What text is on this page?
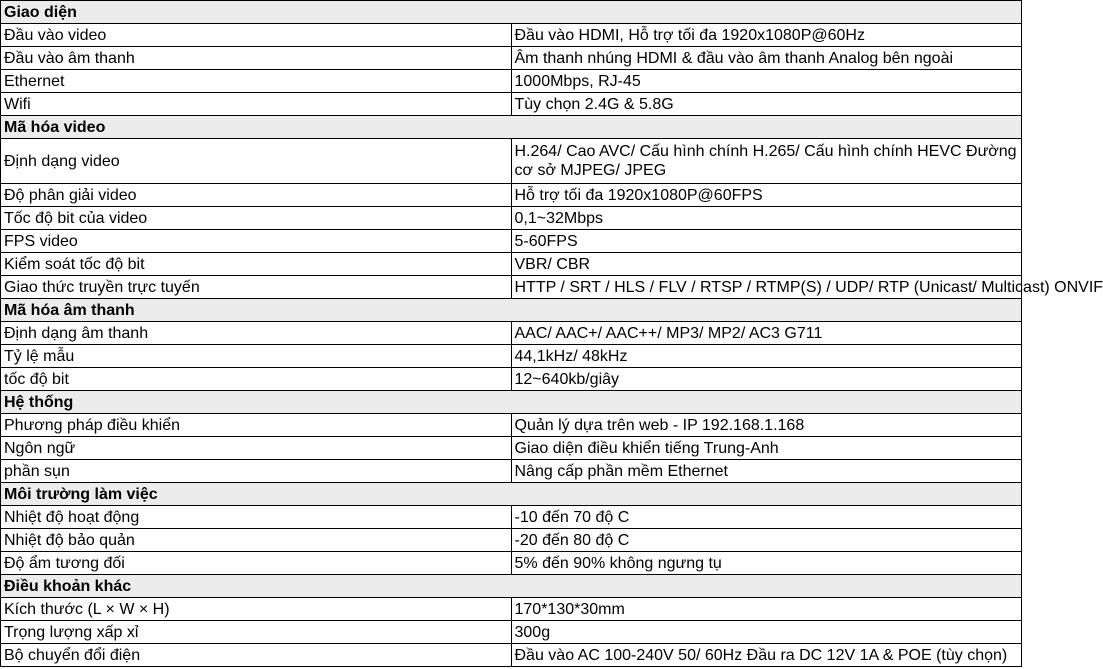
Giao diện	
Đầu vào video	Đầu vào HDMI, Hỗ trợ tối đa 1920x1080P@60Hz
Đầu vào âm thanh	Âm thanh nhúng HDMI & đầu vào âm thanh Analog bên ngoài
Ethernet	1000Mbps, RJ-45
Wifi	Tùy chọn 2.4G & 5.8G
Mã hóa video	
Định dạng video	H.264/ Cao AVC/ Cấu hình chính H.265/ Cấu hình chính HEVC Đường cơ sở MJPEG/ JPEG
Độ phân giải video	Hỗ trợ tối đa 1920x1080P@60FPS
Tốc độ bit của video	0,1~32Mbps
FPS video	5-60FPS
Kiểm soát tốc độ bit	VBR/ CBR
Giao thức truyền trực tuyến	HTTP / SRT / HLS / FLV / RTSP / RTMP(S) / UDP/ RTP (Unicast/ Multicast) ONVIF
Mã hóa âm thanh	
Định dạng âm thanh	AAC/ AAC+/ AAC++/ MP3/ MP2/ AC3 G711
Tỷ lệ mẫu	44,1kHz/ 48kHz
tốc độ bit	12~640kb/giây
Hệ thống	
Phương pháp điều khiển	Quản lý dựa trên web - IP 192.168.1.168
Ngôn ngữ	Giao diện điều khiển tiếng Trung-Anh
phần sụn	Nâng cấp phần mềm Ethernet
Môi trường làm việc	
Nhiệt độ hoạt động	-10 đến 70 độ C
Nhiệt độ bảo quản	-20 đến 80 độ C
Độ ẩm tương đối	5% đến 90% không ngưng tụ
Điều khoản khác	
Kích thước (L × W × H)	170*130*30mm
Trọng lượng xấp xỉ	300g
Bộ chuyển đổi điện	Đầu vào AC 100-240V 50/ 60Hz Đầu ra DC 12V 1A & POE (tùy chọn)
